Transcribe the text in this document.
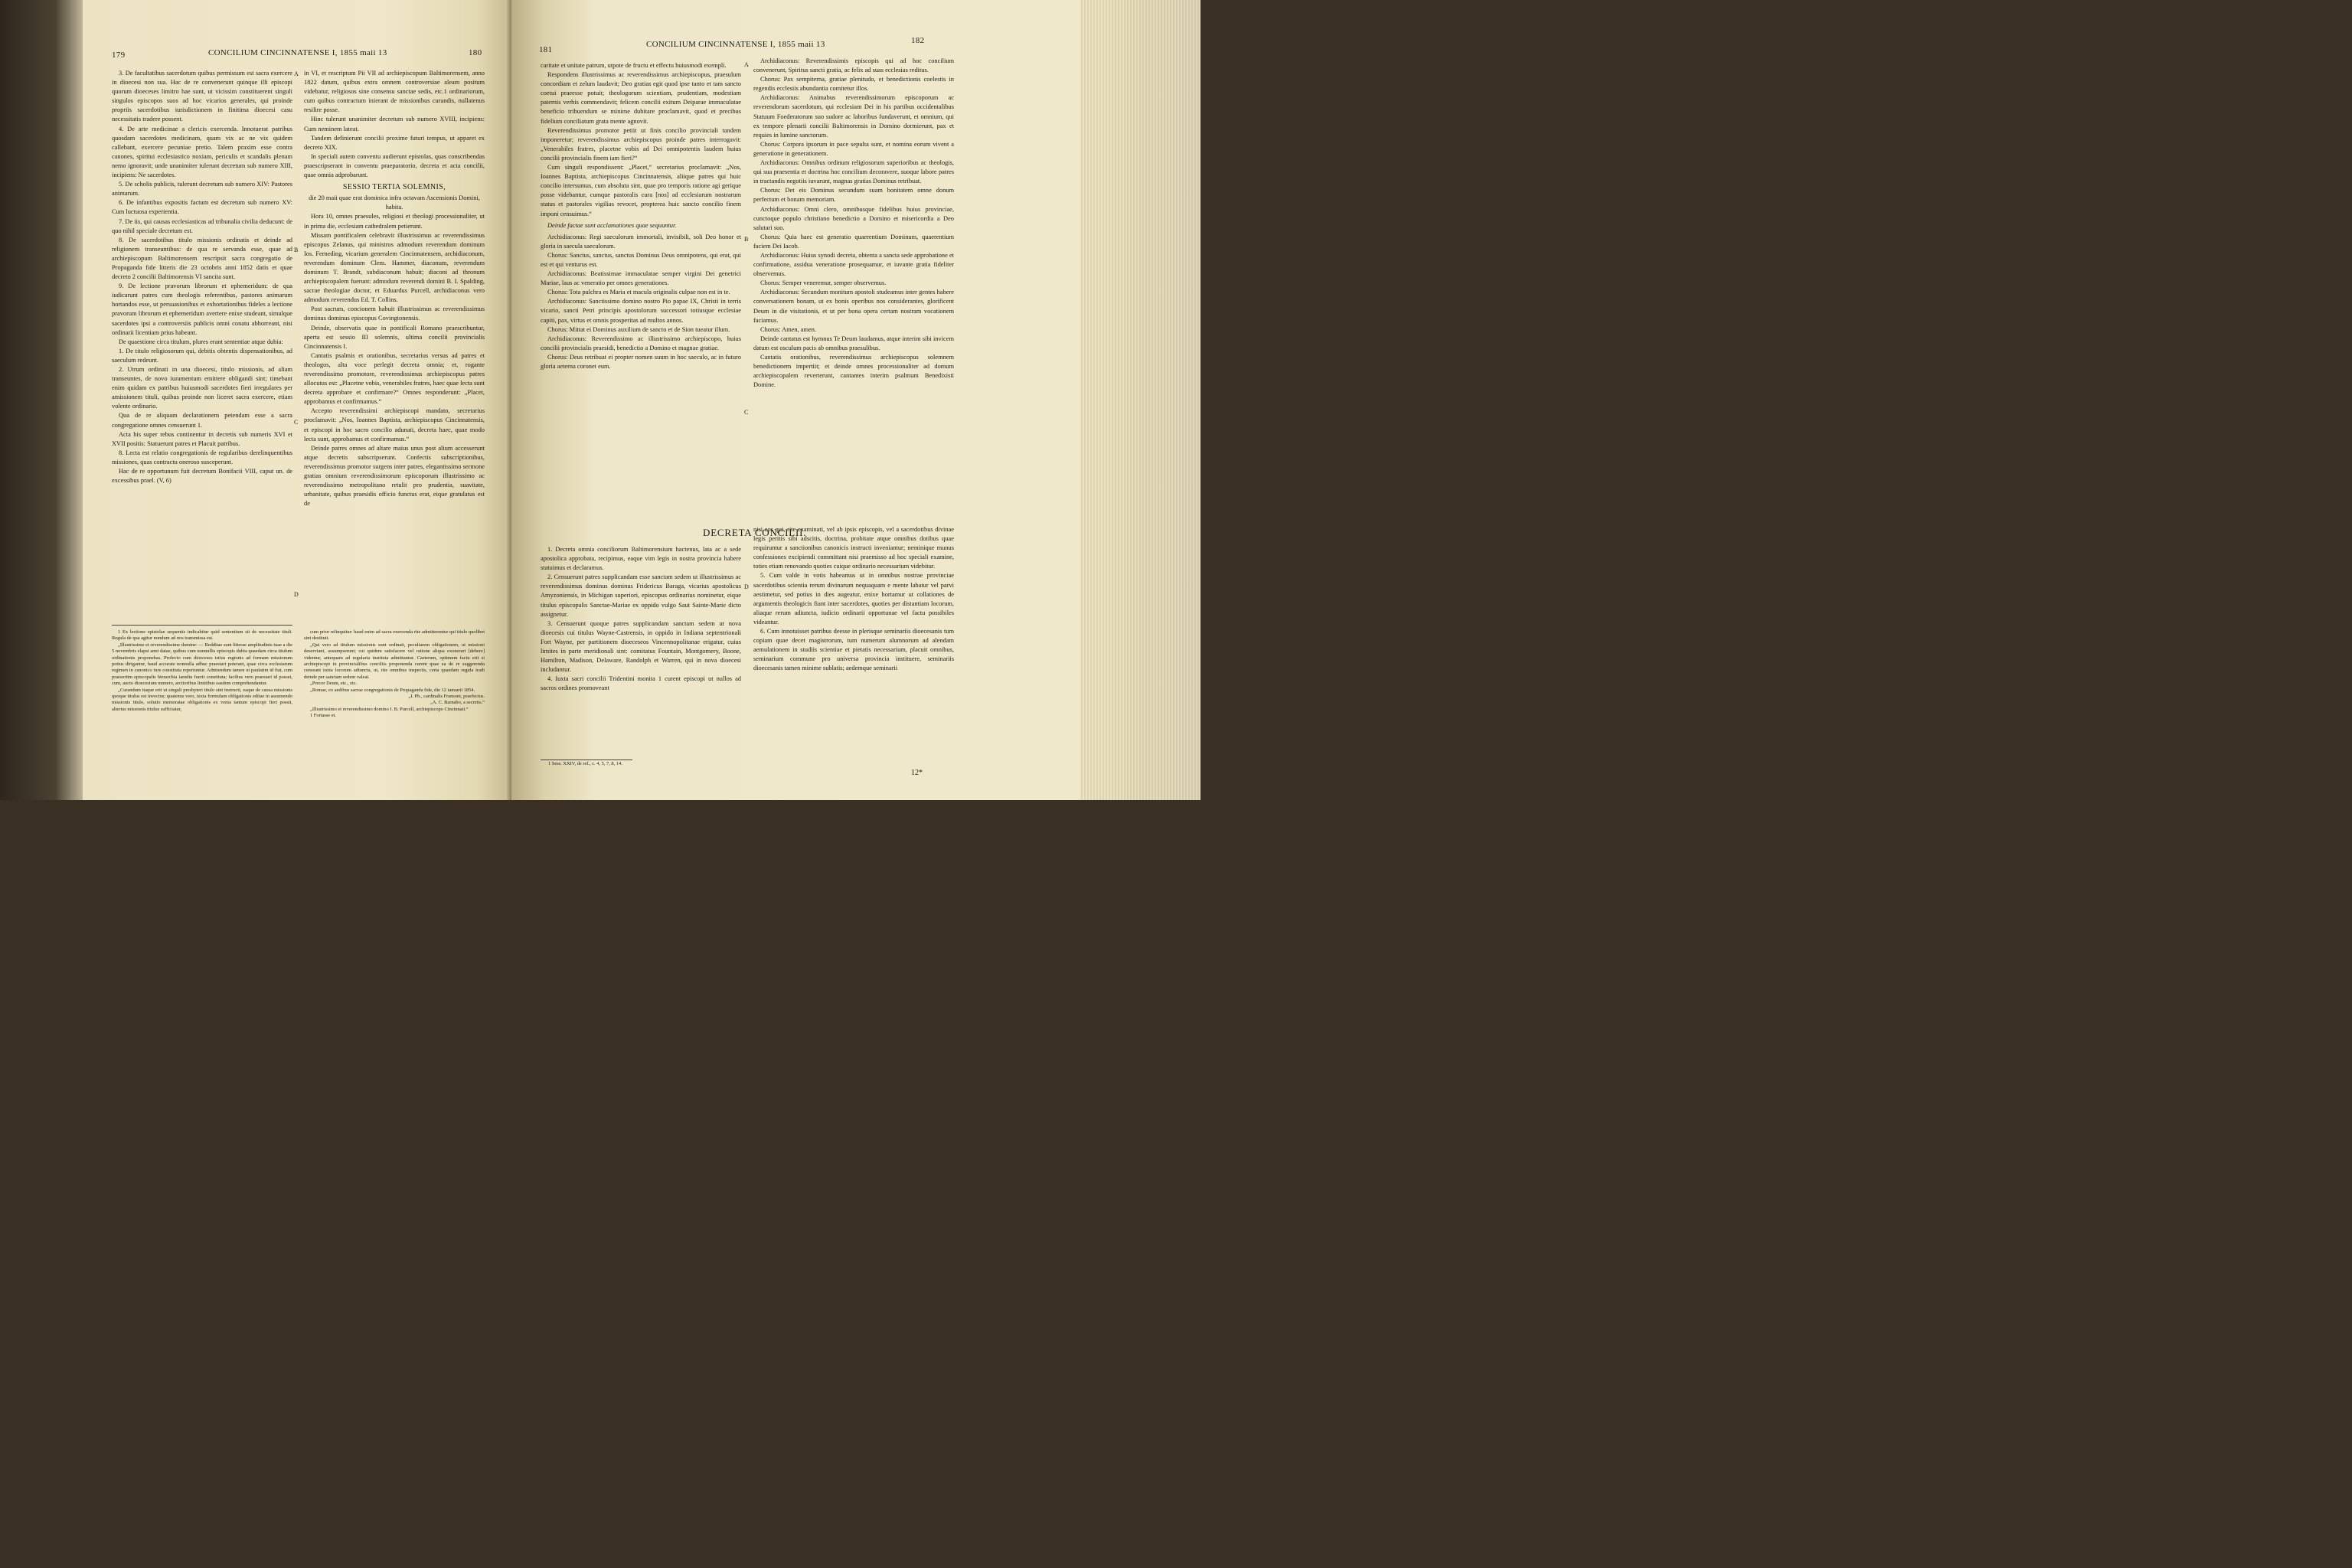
179	CONCILIUM CINCINNATENSE I, 1855 maii 13	180

3. De facultatibus sacerdotum quibus permissum est sacra exercere in dioecesi non sua. Hac de re convenerunt quinque illi episcopi quorum dioeceses limitro hae sunt, ut vicissim constituerent singuli singulos episcopos suos ad hoc vicarios generales, qui proinde propriis sacerdotibus iurisdictionem in finitima dioecesi casu necessitatis tradere possent.

4. De arte medicinae a clericis exercenda. Innotuerat patribus quosdam sacerdotes medicinam, quam vix ac ne vix quidem callebant, exercere pecuniae pretio. Talem praxim esse contra canones, spiritui ecclesiastico noxiam, periculis et scandalis plenam nemo ignoravit; unde unanimiter tulerunt decretum sub numero XIII, incipiens: Ne sacerdotes.

5. De scholis publicis, tulerunt decretum sub numero XIV: Pastores animarum.

6. De infantibus expositis factum est decretum sub numero XV: Cum luctuosa experientia.

7. De iis, qui causas ecclesiasticas ad tribunalia civilia deducunt: de quo nihil speciale decretum est.

8. De sacerdotibus titulo missionis ordinatis et deinde ad religionem transeuntibus: de qua re servanda esse, quae ad archiepiscopum Baltimorensem rescripsit sacra congregatio de Propaganda fide litteris die 23 octobris anni 1852 datis et quae decreto 2 concilii Baltimorensis VI sancita sunt.

9. De lectione pravorum librorum et ephemeridum: de qua iudicarunt patres cum theologis referentibus, pastores animarum hortandos esse, ut persuasionibus et exhortationibus fideles a lectione pravorum librorum et ephemeridum avertere enixe studeant, simulque sacerdotes ipsi a controversiis publicis omni conatu abhorreant, nisi ordinarii licentiam prius habeant.

De quaestione circa titulum, plures erant sententiae atque dubia:

1. De titulo religiosorum qui, debitis obtentis dispensationibus, ad saeculum redeunt.

2. Utrum ordinati in una dioecesi, titulo missionis, ad aliam transeuntes, de novo iuramentum emittere obligandi sint; timebant enim quidam ex patribus huiusmodi sacerdotes fieri irregulares per amissionem tituli, quibus proinde non liceret sacra exercere, etiam volente ordinario.

Qua de re aliquam declarationem petendam esse a sacra congregatione omnes censuerunt 1.

Acta his super rebus continentur in decretis sub numeris XVI et XVII positis: Statuerunt patres et Placuit patribus.

8. Lecta est relatio congregationis de regularibus derelinquentibus missiones, quas contractu oneroso susceperunt.

Hac de re opportunum fuit decretum Bonifacii VIII, caput un. de excessibus prael. (V, 6)

A
B
C
D

in VI, et rescriptum Pii VII ad archiepiscopum Baltimorensem, anno 1822 datum, quibus extra omnem controversiae aleam positum videbatur, religiosos sine consensu sanctae sedis, etc.1 ordinariorum, cum quibus contractum inierant de missionibus curandis, nullatenus resilire posse.

Hinc tulerunt unanimiter decretum sub numero XVIII, incipiens: Cum neminem lateat.

Tandem definierunt concilii proxime futuri tempus, ut apparet ex decreto XIX.

In speciali autem conventu audierunt epistolas, quas conscribendas praescripserant in conventu praeparatorio, decreta et acta concilii, quae omnia adprobarunt.

SESSIO TERTIA SOLEMNIS,
die 20 maii quae erat dominica infra octavam Ascensionis Domini, habita.

Hora 10, omnes praesules, religiosi et theologi processionaliter, ut in prima die, ecclesiam cathedralem petierunt.

Missam pontificalem celebravit illustrissimus ac reverendissimus episcopus Zelanus, qui ministros admodum reverendum dominum Ios. Ferneding, vicarium generalem Cincinnatensem, archidiaconum, reverendum dominum Clem. Hammer, diaconum, reverendum dominum T. Brandt, subdiaconum habuit; diaconi ad thronum archiepiscopalem fuerunt: admodum reverendi domini B. I. Spalding, sacrae theologiae doctor, et Eduardus Purcell, archidiaconus vero admodum reverendus Ed. T. Collins.

Post sacrum, concionem habuit illustrissimus ac reverendissimus dominus dominus episcopus Covingtonensis.

Deinde, observatis quae in pontificali Romano praescribuntur, aperta est sessio III solemnis, ultima concilii provincialis Cincinnatensis I.

Cantatis psalmis et orationibus, secretarius versus ad patres et theologos, alta voce perlegit decreta omnia; et, rogante reverendissimo promotore, reverendissimus archiepiscopus patres allocutus est: „Placetne vobis, venerabiles fratres, haec quae lecta sunt decreta approbare et confirmare?“ Omnes responderunt: „Placet, approbamus et confirmamus.“

Accepto reverendissimi archiepiscopi mandato, secretarius proclamavit: „Nos, Ioannes Baptista, archiepiscopus Cincinnatensis, et episcopi in hoc sacro concilio adunati, decreta haec, quae modo lecta sunt, approbamus et confirmamus.“

Deinde patres omnes ad altare maius unus post alium accesserunt atque decretis subscripserunt. Confectis subscriptionibus, reverendissimus promotor surgens inter patres, elegantissimo sermone gratias omnium reverendissimorum episcoporum illustrissimo ac reverendissimo metropolitano retulit pro prudentia, suavitate, urbanitate, quibus praesidis officio functus erat, eique gratulatus est de

1 Ex lectione epistolae sequentis indicabitur quid sententium sit de necessitate tituli. Regula de qua agitur nondum ad nos transmissa est.

„Illustrissime et reverendissime domine: — Redditae sunt litterae amplitudinis tuae a die 5 novembris elapsi anni datae, quibus cum nonnullis episcopis dubia quaedam circa titulum ordinationis proponebas. Profecto cum dioeceses istius regionis ad formam missionum potius dirigantur, haud accurate nonnulla adhuc praestari poterant, quae circa ecclesiarum regimen in canonico iure constituta reperiuntur. Adnitendum tamen ut paulatim id fiat, cum praesertim episcopalis hierarchia iamdiu fuerit constituta; facilius vero praestari id posset, cum, aucto dioecesium numero, arctioribus limitibus easdem comprehendantur.

„Curandum itaque erit ut singuli presbyteri titulo sint instructi, eaque de causa missionis quoque titulus est invectus; quatenus vero, iuxta formulam obligationis editae in assumendo missionis titulo, solutio memoratae obligationis ex venia tantum episcopi fieri possit, alterius missionis titulus sufficiatur,

cum prior relinquitur: haud enim ad sacra exercenda rite admitterentur qui titulo quolibet sint destituti.

„Qui vero ad titulum missionis sunt ordinati, peculiarem obligationem, ut missioni deserviant, assumpserunt; cui quidem satisfacere vel ratione aliqua exonerari [debere] videntur, antequam ad regularia instituta admittantur. Caeterum, optimum factu erit si archiepiscopi in provincialibus conciliis proponenda curent quae ea de re suggerenda censeant iuxta locorum adiuncta, ut, rite omnibus inspectis, certa quaedam regula tradi deinde per sanctam sedem valeat.

„Precor Deum, etc., etc.

„Romae, ex aedibus sacrae congregationis de Propaganda fide, die 12 ianuarii 1854.

„I. Ph., cardinalis Fransoni, praefectus.

„A. C. Barnabo, a secretis.“

„Illustrissimo et reverendissimo domino I. B. Purcell, archiepiscopo Cincinnati.“

1 Fortasse et.

181
CONCILIUM CINCINNATENSE I, 1855 maii 13	182

caritate et unitate patrum, utpote de fructu et effectu huiusmodi exempli.

Respondens illustrissimus ac reverendissimus archiepiscopus, praesulum concordiam et zelum laudavit; Deo gratias egit quod ipse tanto et tam sancto coetui praeesse potuit; theologorum scientiam, prudentiam, modestiam paternis verbis commendavit; felicem concilii exitum Deiparae immaculatae beneficio tribuendum se minime dubitare proclamavit, quod et precibus fidelium conciliatum grata mente agnovit.

Reverendissimus promotor petiit ut finis concilio provinciali tandem imponeretur; reverendissimus archiepiscopus proinde patres interrogavit: „Venerabiles fratres, placetne vobis ad Dei omnipotentis laudem huius concilii provincialis finem iam fieri?“

Cum singuli respondissent: „Placet,“ secretarius proclamavit: „Nos, Ioannes Baptista, archiepiscopus Cincinnatensis, aliique patres qui huic concilio intersumus, cum absoluta sint, quae pro temporis ratione agi gerique posse videbantur, cumque pastoralis cura [nos] ad ecclesiarum nostrarum status et pastorales vigilias revocet, propterea huic sancto concilio finem imponi censuimus.“

Deinde factae sunt acclamationes quae sequuntur.

Archidiaconus: Regi saeculorum immortali, invisibili, soli Deo honor et gloria in saecula saeculorum.

Chorus: Sanctus, sanctus, sanctus Dominus Deus omnipotens, qui erat, qui est et qui venturus est.

Archidiaconus: Beatissimae immaculatae semper virgini Dei genetrici Mariae, laus ac veneratio per omnes generationes.

Chorus: Tota pulchra es Maria et macula originalis culpae non est in te.

Archidiaconus: Sanctissimo domino nostro Pio papae IX, Christi in terris vicario, sancti Petri principis apostolorum successori totiusque ecclesiae capiti, pax, virtus et omnis prosperitas ad multos annos.

Chorus: Mittat ei Dominus auxilium de sancto et de Sion tueatur illum.

Archidiaconus: Reverendissimo ac illustrissimo archiepiscopo, huius concilii provincialis praesidi, benedictio a Domino et magnae gratiae.

Chorus: Deus retribuat ei propter nomen suum in hoc saeculo, ac in futuro gloria aeterna coronet eum.

A
B
C
D

Archidiaconus: Reverendissimis episcopis qui ad hoc concilium convenerunt, Spiritus sancti gratia, ac felix ad suas ecclesias reditus.

Chorus: Pax sempiterna, gratiae plenitudo, et benedictionis coelestis in regendis ecclesiis abundantia comitetur illos.

Archidiaconus: Animabus reverendissimorum episcoporum ac reverendorum sacerdotum, qui ecclesiam Dei in his partibus occidentalibus Statuum Foederatorum suo sudore ac laboribus fundaverunt, et omnium, qui ex tempore plenarii concilii Baltimorensis in Domino dormierunt, pax et requies in lumine sanctorum.

Chorus: Corpora ipsorum in pace sepulta sunt, et nomina eorum vivent a generatione in generationem.

Archidiaconus: Omnibus ordinum religiosorum superioribus ac theologis, qui sua praesentia et doctrina hoc concilium decoravere, suoque labore patres in tractandis negotiis iuvarunt, magnas gratias Dominus retribuat.

Chorus: Det eis Dominus secundum suam bonitatem omne donum perfectum et bonam memoriam.

Archidiaconus: Omni clero, omnibusque fidelibus huius provinciae, cunctoque populo christiano benedictio a Domino et misericordia a Deo salutari suo.

Chorus: Quia haec est generatio quaerentium Dominum, quaerentium faciem Dei Iacob.

Archidiaconus: Huius synodi decreta, obtenta a sancta sede approbatione et confirmatione, assidua veneratione prosequamur, et iuvante gratia fideliter observemus.

Chorus: Semper veneremur, semper observemus.

Archidiaconus: Secundum monitum apostoli studeamus inter gentes habere conversationem bonam, ut ex bonis operibus nos considerantes, glorificent Deum in die visitationis, et ut per bona opera certam nostram vocationem faciamus.

Chorus: Amen, amen.

Deinde cantatus est hymnus Te Deum laudamus, atque interim sibi invicem datum est osculum pacis ab omnibus praesulibus.

Cantatis orationibus, reverendissimus archiepiscopus solemnem benedictionem impertiit; et deinde omnes processionaliter ad domum archiepiscopalem reverterunt, cantantes interim psalmum Benedixisti Domine.

DECRETA CONCILII.

1. Decreta omnia conciliorum Baltimorensium hactenus, lata ac a sede apostolica approbata, recipimus, eaque vim legis in nostra provincia habere statuimus et declaramus.

2. Censuerunt patres supplicandam esse sanctam sedem ut illustrissimus ac reverendissimus dominus dominus Fridericus Baraga, vicarius apostolicus Amyzoniensis, in Michigan superiori, episcopus ordinarius nominetur, eique titulus episcopalis Sanctae-Mariae ex oppido vulgo Saut Sainte-Marie dicto assignetur.

3. Censuerunt quoque patres supplicandam sanctam sedem ut nova dioecesis cui titulus Wayne-Castrensis, in oppido in Indiana septentrionali Fort Wayne, per partitionem dioeceseos Vincennopolitanae erigatur, cuius limites in parte meridionali sint: comitatus Fountain, Montgomery, Boone, Hamilton, Madison, Delaware, Randolph et Warren, qui in nova dioecesi includantur.

4. Iuxta sacri concilii Tridentini monita 1 curent episcopi ut nullos ad sacros ordines promoveant

nisi eos qui, rite examinati, vel ab ipsis episcopis, vel a sacerdotibus divinae legis peritis sibi adscitis, doctrina, probitate atque omnibus dotibus quae requiruntur a sanctionibus canonicis instructi inveniantur; neminique munus confessiones excipiendi committant nisi praemisso ad hoc speciali examine, toties etiam renovando quoties cuique ordinario necessarium videbitur.

5. Cum valde in votis habeamus ut in omnibus nostrae provinciae sacerdotibus scientia rerum divinarum nequaquam e mente labatur vel parvi aestimetur, sed potius in dies augeatur, enixe hortamur ut collationes de argumentis theologicis fiant inter sacerdotes, quoties per distantiam locorum, aliaque rerum adiuncta, iudicio ordinarii opportunae vel factu possibiles videantur.

6. Cum innotuisset patribus deesse in plerisque seminariis dioecesanis tum copiam quae decet magistrorum, tum numerum alumnorum ad alendam aemulationem in studiis scientiae et pietatis necessarium, placuit omnibus, seminarium commune pro universa provincia instituere, seminariis dioecesanis tamen minime sublatis; aedemque seminarii

1 Sess. XXIV, de ref., c. 4, 5, 7, 8, 14.
12*
